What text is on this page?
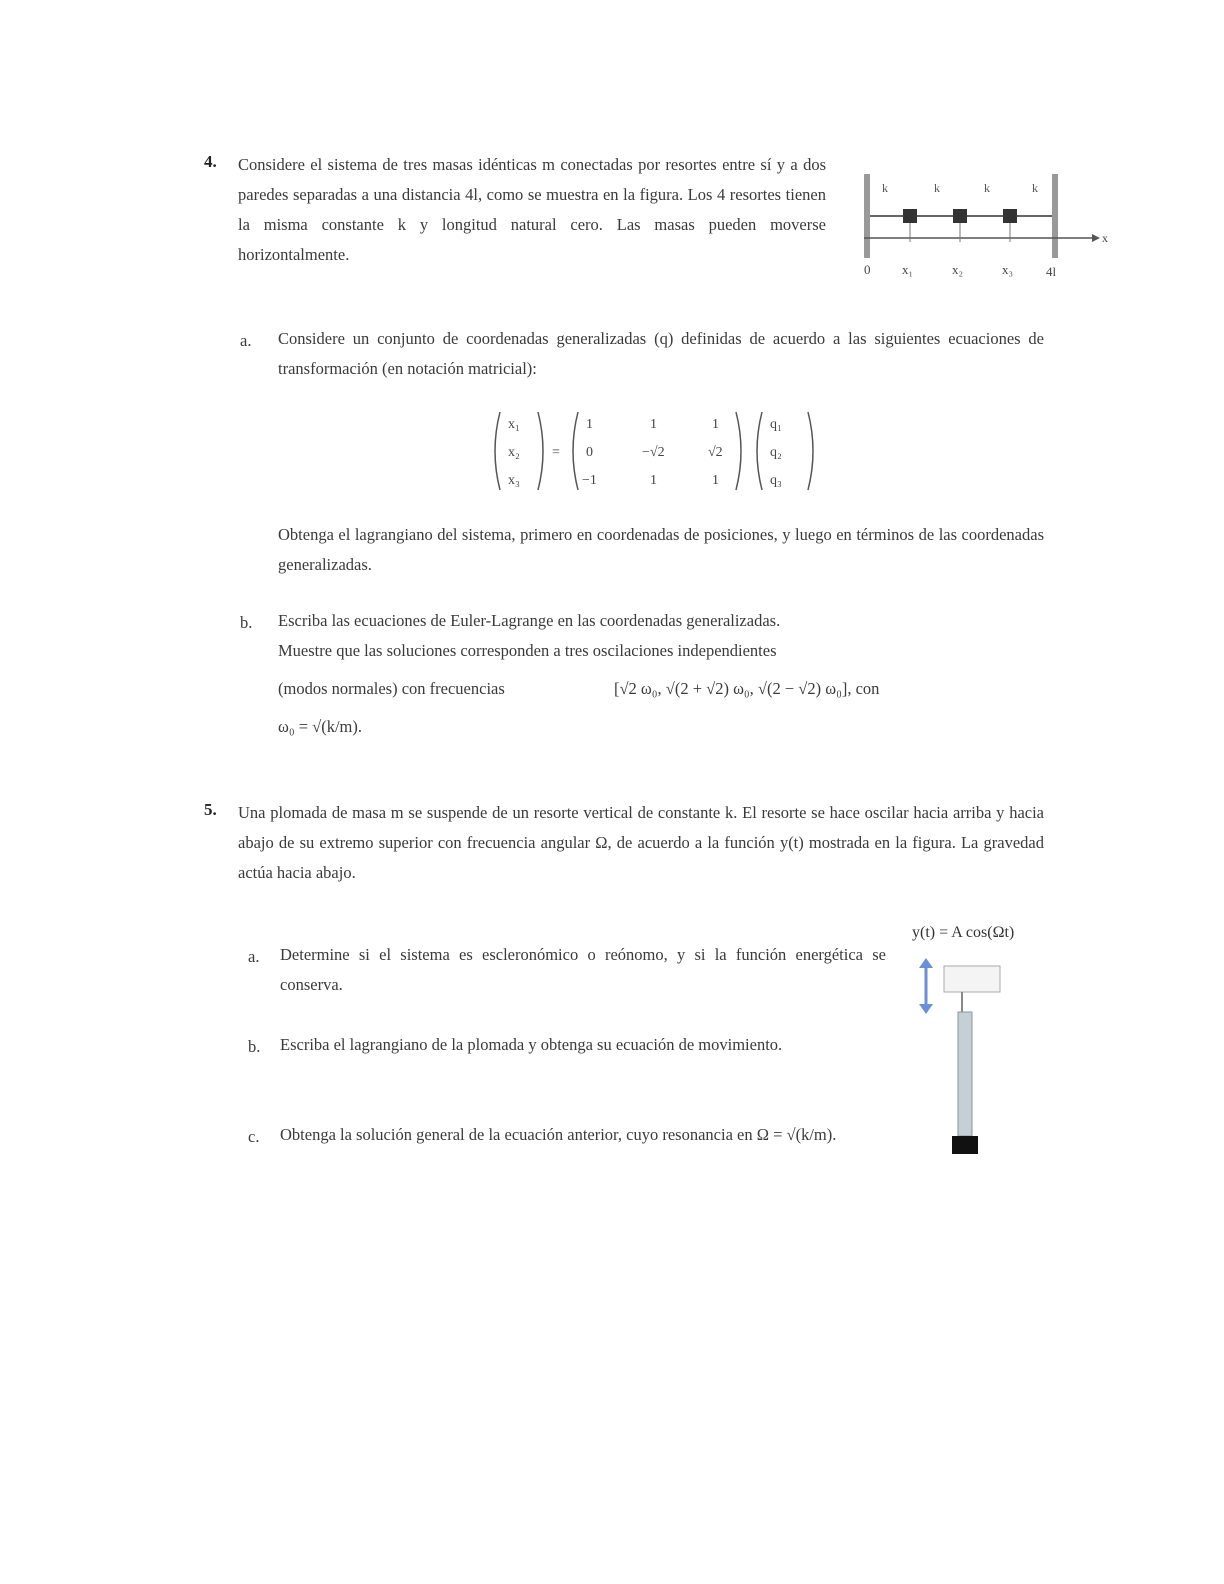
4. Considere el sistema de tres masas idénticas m conectadas por resortes entre sí y a dos paredes separadas a una distancia 4l, como se muestra en la figura. Los 4 resortes tienen la misma constante k y longitud natural cero. Las masas pueden moverse horizontalmente.
k	k	k	k
x
0 x₁	x₂	x₃	4l
a. Considere un conjunto de coordenadas generalizadas (q) definidas de acuerdo a las siguientes ecuaciones de transformación (en notación matricial):
x₁
x₂
x₃
=
1	1	1
0	−√2	√2
−1	1	1
q₁
q₂
q₃
Obtenga el lagrangiano del sistema, primero en coordenadas de posiciones, y luego en términos de las coordenadas generalizadas.
b. Escriba las ecuaciones de Euler-Lagrange en las coordenadas generalizadas.
Muestre que las soluciones corresponden a tres oscilaciones independientes
(modos normales) con frecuencias	[√2 ω₀, √(2 + √2) ω₀, √(2 − √2) ω₀], con
ω₀ = √(k/m).
5. Una plomada de masa m se suspende de un resorte vertical de constante k. El resorte se hace oscilar hacia arriba y hacia abajo de su extremo superior con frecuencia angular Ω, de acuerdo a la función y(t) mostrada en la figura. La gravedad actúa hacia abajo.
a. Determine si el sistema es escleronómico o reónomo, y si la función energética se conserva.
b. Escriba el lagrangiano de la plomada y obtenga su ecuación de movimiento.
c. Obtenga la solución general de la ecuación anterior, cuyo resonancia en Ω = √(k/m).
y(t) = A cos(Ωt)
